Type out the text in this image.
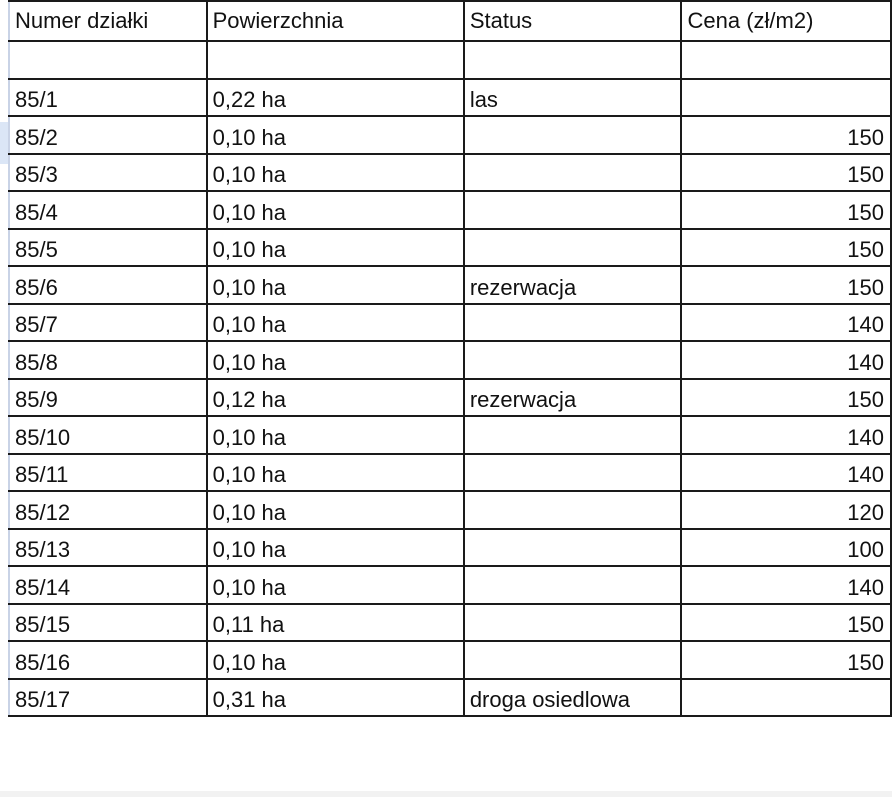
Numer działki	Powierzchnia	Status	Cena (zł/m2)

85/1	0,22 ha	las	
85/2	0,10 ha		150
85/3	0,10 ha		150
85/4	0,10 ha		150
85/5	0,10 ha		150
85/6	0,10 ha	rezerwacja	150
85/7	0,10 ha		140
85/8	0,10 ha		140
85/9	0,12 ha	rezerwacja	150
85/10	0,10 ha		140
85/11	0,10 ha		140
85/12	0,10 ha		120
85/13	0,10 ha		100
85/14	0,10 ha		140
85/15	0,11 ha		150
85/16	0,10 ha		150
85/17	0,31 ha	droga osiedlowa	
